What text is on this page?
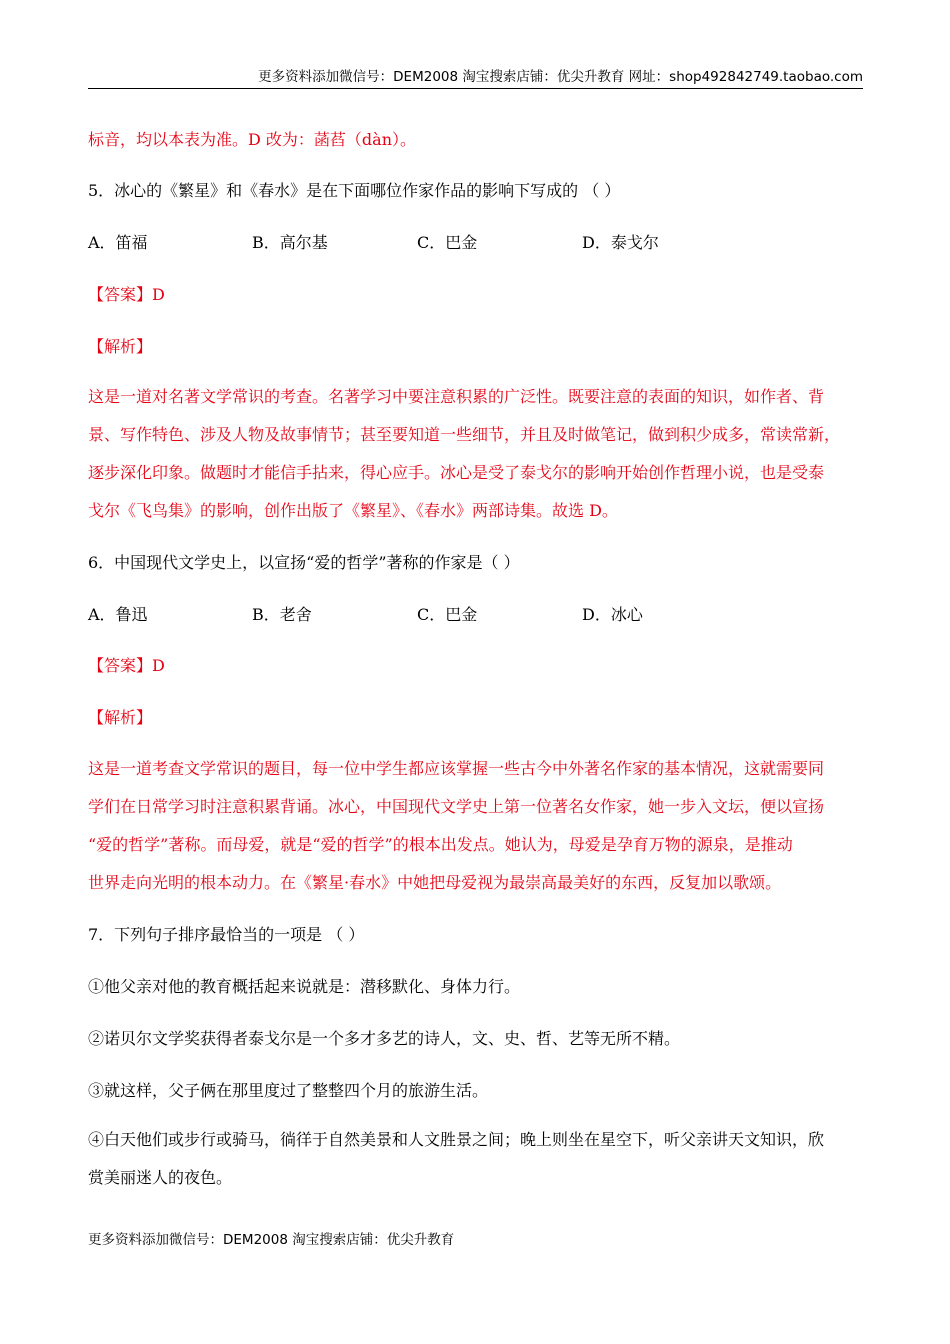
更多资料添加微信号：DEM2008 淘宝搜索店铺：优尖升教育 网址：shop492842749.taobao.com
标音，均以本表为准。D 改为：菡萏（dàn）。
5．冰心的《繁星》和《春水》是在下面哪位作家作品的影响下写成的 （ ）
A．笛福	B．高尔基	C．巴金	D．泰戈尔
【答案】D
【解析】
这是一道对名著文学常识的考查。名著学习中要注意积累的广泛性。既要注意的表面的知识，如作者、背
景、写作特色、涉及人物及故事情节；甚至要知道一些细节，并且及时做笔记，做到积少成多，常读常新，
逐步深化印象。做题时才能信手拈来，得心应手。冰心是受了泰戈尔的影响开始创作哲理小说，也是受泰
戈尔《飞鸟集》的影响，创作出版了《繁星》、《春水》两部诗集。故选 D。
6．中国现代文学史上，以宣扬“爱的哲学”著称的作家是（ ）
A．鲁迅	B．老舍	C．巴金	D．冰心
【答案】D
【解析】
这是一道考查文学常识的题目，每一位中学生都应该掌握一些古今中外著名作家的基本情况，这就需要同
学们在日常学习时注意积累背诵。冰心，中国现代文学史上第一位著名女作家，她一步入文坛，便以宣扬
“爱的哲学”著称。而母爱，就是“爱的哲学”的根本出发点。她认为，母爱是孕育万物的源泉，是推动
世界走向光明的根本动力。在《繁星·春水》中她把母爱视为最崇高最美好的东西，反复加以歌颂。
7．下列句子排序最恰当的一项是 （ ）
①他父亲对他的教育概括起来说就是：潜移默化、身体力行。
②诺贝尔文学奖获得者泰戈尔是一个多才多艺的诗人，文、史、哲、艺等无所不精。
③就这样，父子俩在那里度过了整整四个月的旅游生活。
④白天他们或步行或骑马，徜徉于自然美景和人文胜景之间；晚上则坐在星空下，听父亲讲天文知识，欣
赏美丽迷人的夜色。
更多资料添加微信号：DEM2008 淘宝搜索店铺：优尖升教育
